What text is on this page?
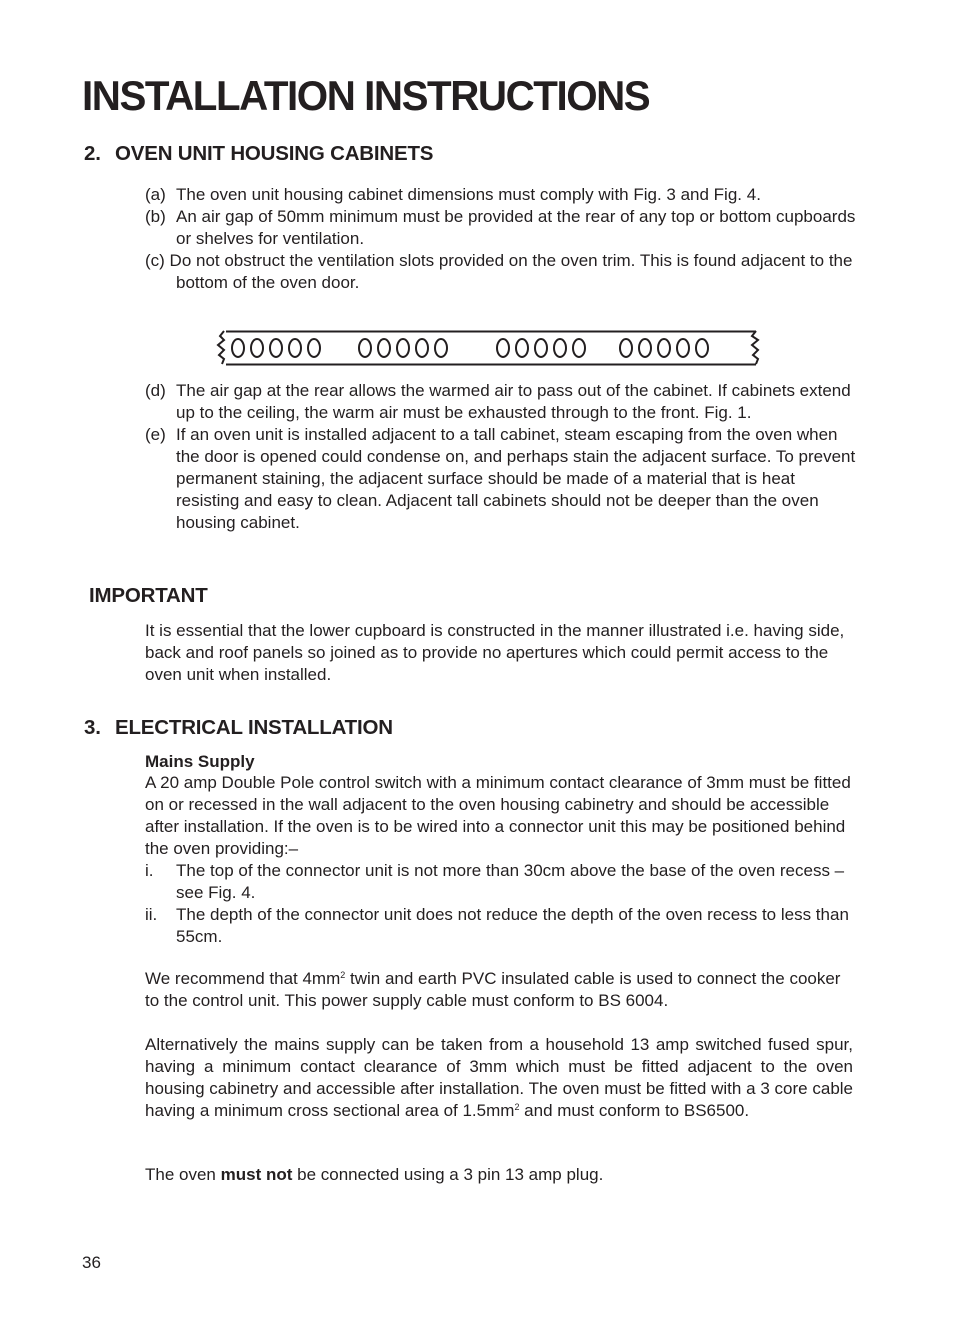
INSTALLATION INSTRUCTIONS
2. OVEN UNIT HOUSING CABINETS
(a) The oven unit housing cabinet dimensions must comply with Fig. 3 and Fig. 4.
(b) An air gap of 50mm minimum must be provided at the rear of any top or bottom cupboards or shelves for ventilation.
(c) Do not obstruct the ventilation slots provided on the oven trim. This is found adjacent to the bottom of the oven door.
(d) The air gap at the rear allows the warmed air to pass out of the cabinet. If cabinets extend up to the ceiling, the warm air must be exhausted through to the front. Fig. 1.
(e) If an oven unit is installed adjacent to a tall cabinet, steam escaping from the oven when the door is opened could condense on, and perhaps stain the adjacent surface. To prevent permanent staining, the adjacent surface should be made of a material that is heat resisting and easy to clean. Adjacent tall cabinets should not be deeper than the oven housing cabinet.
IMPORTANT

It is essential that the lower cupboard is constructed in the manner illustrated i.e. having side, back and roof panels so joined as to provide no apertures which could permit access to the oven unit when installed.

3. ELECTRICAL INSTALLATION
Mains Supply

A 20 amp Double Pole control switch with a minimum contact clearance of 3mm must be fitted on or recessed in the wall adjacent to the oven housing cabinetry and should be accessible after installation. If the oven is to be wired into a connector unit this may be positioned behind the oven providing:–

i. The top of the connector unit is not more than 30cm above the base of the oven recess – see Fig. 4.
ii. The depth of the connector unit does not reduce the depth of the oven recess to less than 55cm.

We recommend that $4mm^2$ twin and earth PVC insulated cable is used to connect the cooker to the control unit. This power supply cable must conform to BS 6004.

Alternatively the mains supply can be taken from a household 13 amp switched fused spur, having a minimum contact clearance of 3mm which must be fitted adjacent to the oven housing cabinetry and accessible after installation. The oven must be fitted with a 3 core cable having a minimum cross sectional area of $1.5mm^2$ and must conform to BS6500.

The oven must not be connected using a 3 pin 13 amp plug.

36
